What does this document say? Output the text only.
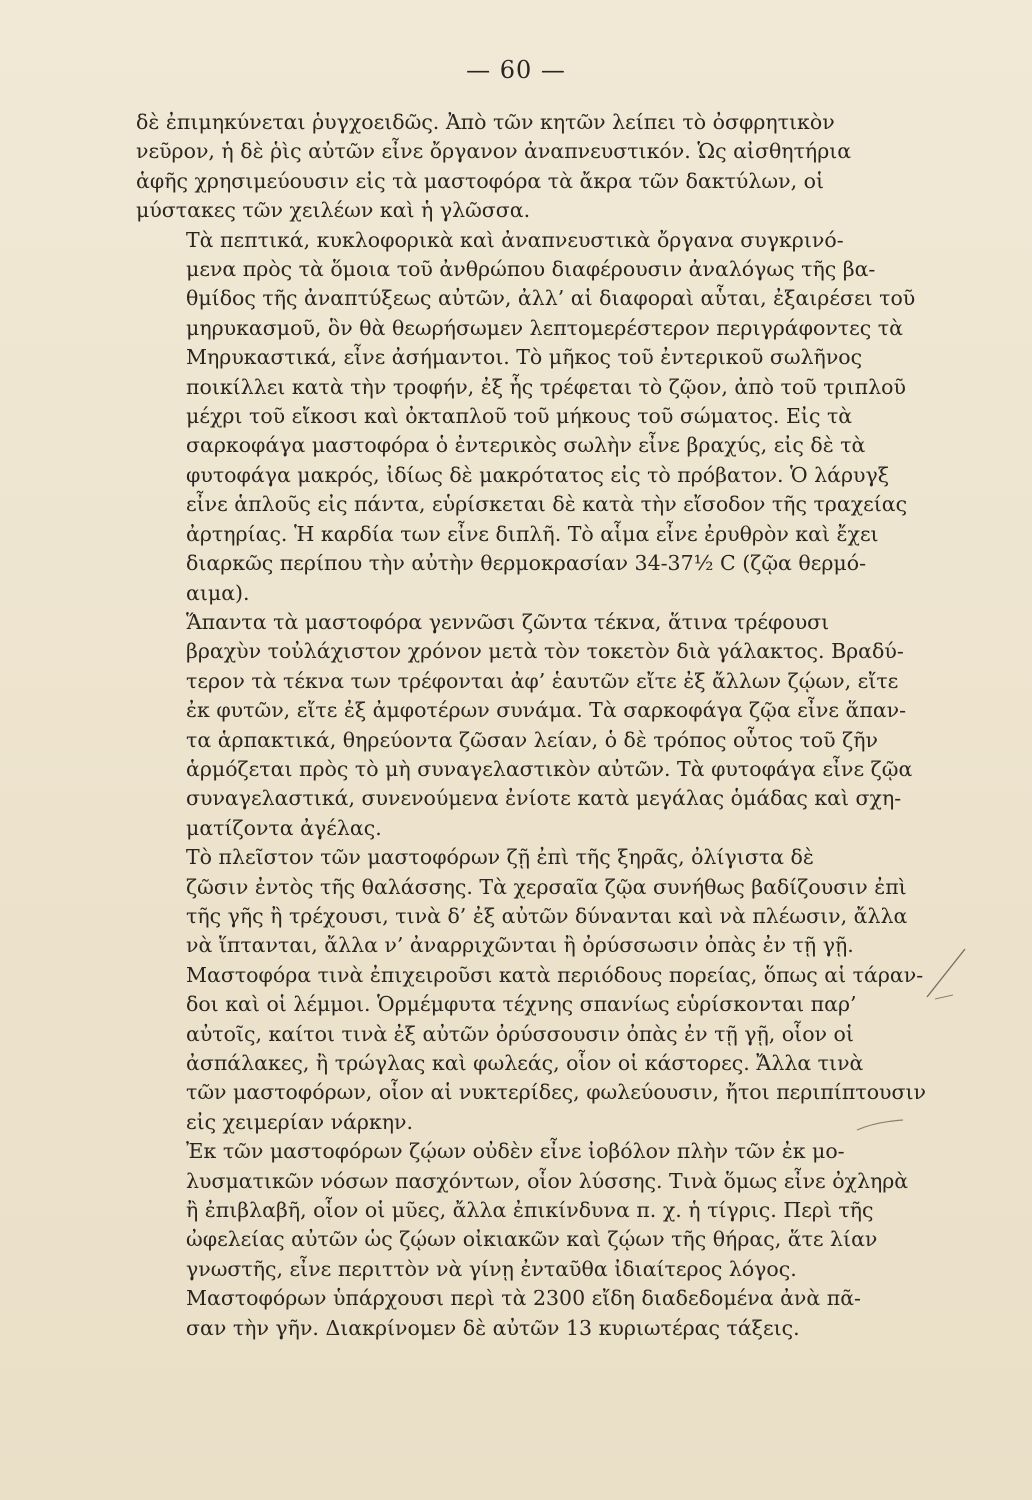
— 60 —
δὲ ἐπιμηκύνεται ῥυγχοειδῶς. Ἀπὸ τῶν κητῶν λείπει τὸ ὀσφρητικὸν
νεῦρον, ἡ δὲ ῥὶς αὐτῶν εἶνε ὄργανον ἀναπνευστικόν. Ὡς αἰσθητήρια
ἁφῆς χρησιμεύουσιν εἰς τὰ μαστοφόρα τὰ ἄκρα τῶν δακτύλων, οἱ
μύστακες τῶν χειλέων καὶ ἡ γλῶσσα.
Τὰ πεπτικά, κυκλοφορικὰ καὶ ἀναπνευστικὰ ὄργανα συγκρινό-
μενα πρὸς τὰ ὅμοια τοῦ ἀνθρώπου διαφέρουσιν ἀναλόγως τῆς βα-
θμίδος τῆς ἀναπτύξεως αὐτῶν, ἀλλ’ αἱ διαφοραὶ αὗται, ἐξαιρέσει τοῦ
μηρυκασμοῦ, ὃν θὰ θεωρήσωμεν λεπτομερέστερον περιγράφοντες τὰ
Μηρυκαστικά, εἶνε ἀσήμαντοι. Τὸ μῆκος τοῦ ἐντερικοῦ σωλῆνος
ποικίλλει κατὰ τὴν τροφήν, ἐξ ἧς τρέφεται τὸ ζῷον, ἀπὸ τοῦ τριπλοῦ
μέχρι τοῦ εἴκοσι καὶ ὀκταπλοῦ τοῦ μήκους τοῦ σώματος. Εἰς τὰ
σαρκοφάγα μαστοφόρα ὁ ἐντερικὸς σωλὴν εἶνε βραχύς, εἰς δὲ τὰ
φυτοφάγα μακρός, ἰδίως δὲ μακρότατος εἰς τὸ πρόβατον. Ὁ λάρυγξ
εἶνε ἁπλοῦς εἰς πάντα, εὑρίσκεται δὲ κατὰ τὴν εἴσοδον τῆς τραχείας
ἀρτηρίας. Ἡ καρδία των εἶνε διπλῆ. Τὸ αἷμα εἶνε ἐρυθρὸν καὶ ἔχει
διαρκῶς περίπου τὴν αὐτὴν θερμοκρασίαν 34-37½ C (ζῷα θερμό-
αιμα).
Ἅπαντα τὰ μαστοφόρα γεννῶσι ζῶντα τέκνα, ἅτινα τρέφουσι
βραχὺν τοὐλάχιστον χρόνον μετὰ τὸν τοκετὸν διὰ γάλακτος. Βραδύ-
τερον τὰ τέκνα των τρέφονται ἀφ’ ἑαυτῶν εἴτε ἐξ ἄλλων ζῴων, εἴτε
ἐκ φυτῶν, εἴτε ἐξ ἀμφοτέρων συνάμα. Τὰ σαρκοφάγα ζῷα εἶνε ἅπαν-
τα ἁρπακτικά, θηρεύοντα ζῶσαν λείαν, ὁ δὲ τρόπος οὗτος τοῦ ζῆν
ἁρμόζεται πρὸς τὸ μὴ συναγελαστικὸν αὐτῶν. Τὰ φυτοφάγα εἶνε ζῷα
συναγελαστικά, συνενούμενα ἐνίοτε κατὰ μεγάλας ὁμάδας καὶ σχη-
ματίζοντα ἀγέλας.
Τὸ πλεῖστον τῶν μαστοφόρων ζῇ ἐπὶ τῆς ξηρᾶς, ὀλίγιστα δὲ
ζῶσιν ἐντὸς τῆς θαλάσσης. Τὰ χερσαῖα ζῷα συνήθως βαδίζουσιν ἐπὶ
τῆς γῆς ἢ τρέχουσι, τινὰ δ’ ἐξ αὐτῶν δύνανται καὶ νὰ πλέωσιν, ἄλλα
νὰ ἵπτανται, ἄλλα ν’ ἀναρριχῶνται ἢ ὀρύσσωσιν ὀπὰς ἐν τῇ γῇ.
Μαστοφόρα τινὰ ἐπιχειροῦσι κατὰ περιόδους πορείας, ὅπως αἱ τάραν-
δοι καὶ οἱ λέμμοι. Ὁρμέμφυτα τέχνης σπανίως εὑρίσκονται παρ’
αὐτοῖς, καίτοι τινὰ ἐξ αὐτῶν ὀρύσσουσιν ὀπὰς ἐν τῇ γῇ, οἷον οἱ
ἀσπάλακες, ἢ τρώγλας καὶ φωλεάς, οἷον οἱ κάστορες. Ἄλλα τινὰ
τῶν μαστοφόρων, οἷον αἱ νυκτερίδες, φωλεύουσιν, ἤτοι περιπίπτουσιν
εἰς χειμερίαν νάρκην.
Ἐκ τῶν μαστοφόρων ζῴων οὐδὲν εἶνε ἰοβόλον πλὴν τῶν ἐκ μο-
λυσματικῶν νόσων πασχόντων, οἷον λύσσης. Τινὰ ὅμως εἶνε ὀχληρὰ
ἢ ἐπιβλαβῆ, οἷον οἱ μῦες, ἄλλα ἐπικίνδυνα π. χ. ἡ τίγρις. Περὶ τῆς
ὠφελείας αὐτῶν ὡς ζῴων οἰκιακῶν καὶ ζῴων τῆς θήρας, ἅτε λίαν
γνωστῆς, εἶνε περιττὸν νὰ γίνῃ ἐνταῦθα ἰδιαίτερος λόγος.
Μαστοφόρων ὑπάρχουσι περὶ τὰ 2300 εἴδη διαδεδομένα ἀνὰ πᾶ-
σαν τὴν γῆν. Διακρίνομεν δὲ αὐτῶν 13 κυριωτέρας τάξεις.
